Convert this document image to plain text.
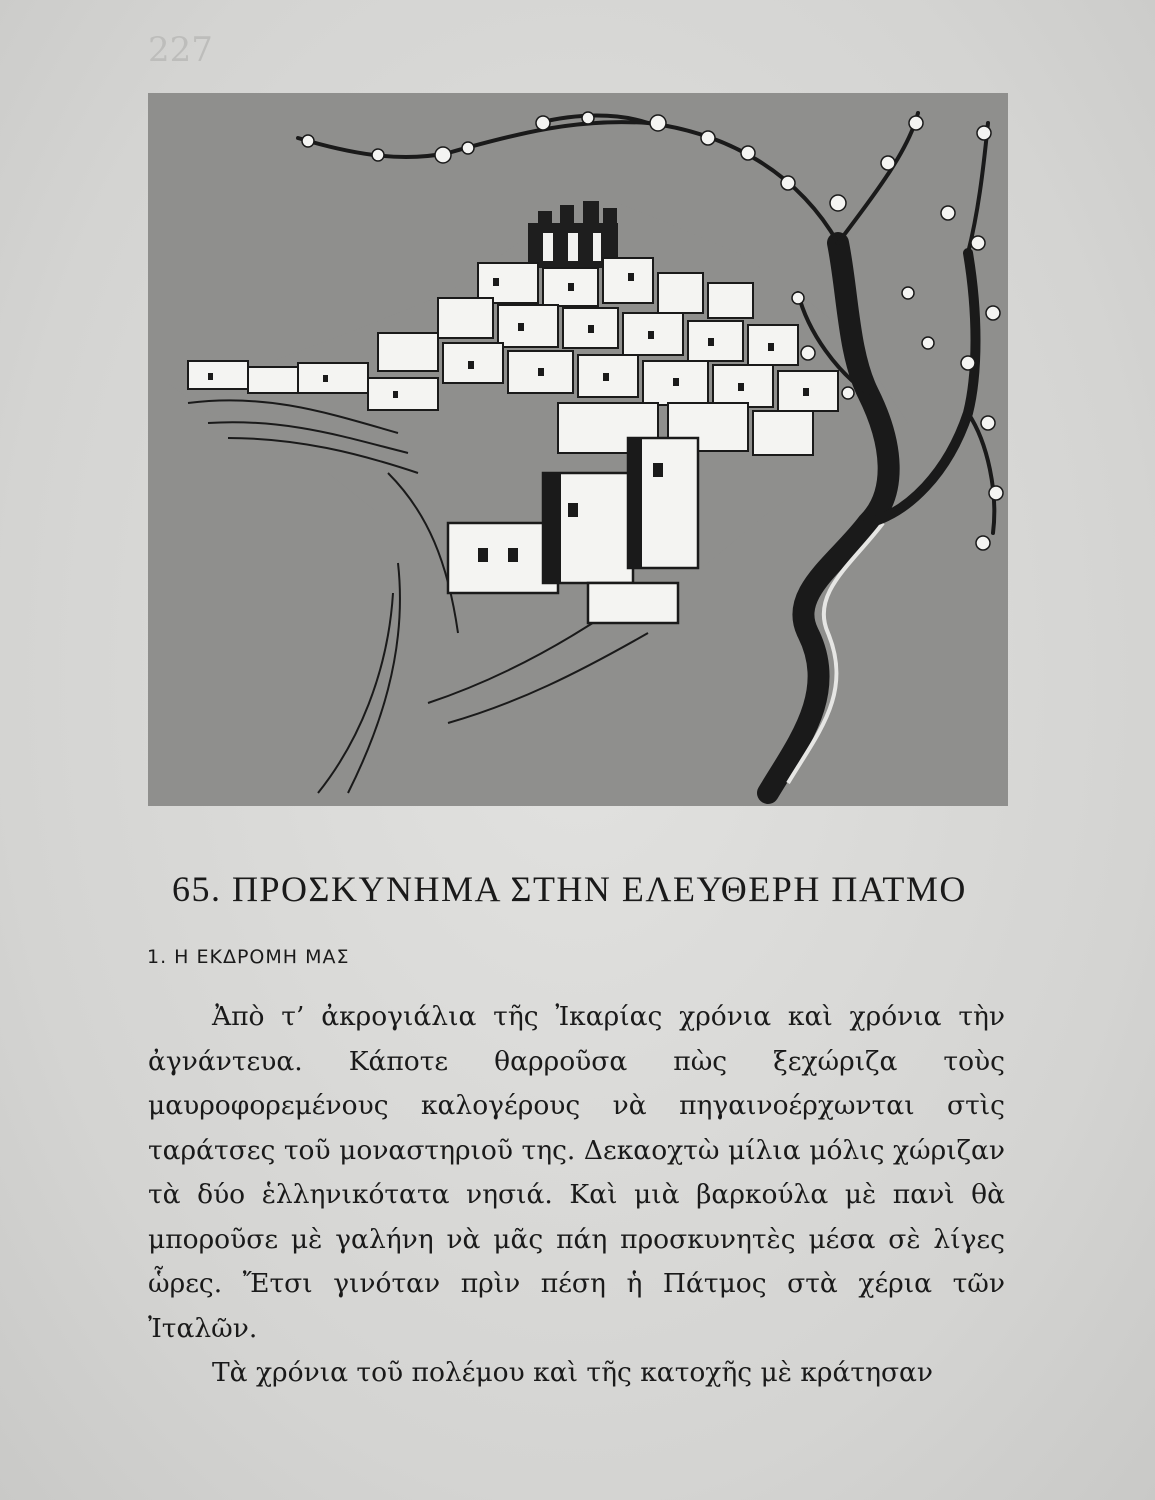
227
65. ΠΡΟΣΚΥΝΗΜΑ ΣΤΗΝ ΕΛΕΥΘΕΡΗ ΠΑΤΜΟ
1. Η ΕΚΔΡΟΜΗ ΜΑΣ

Ἀπὸ τ’ ἀκρογιάλια τῆς Ἰκαρίας χρόνια καὶ χρόνια τὴν ἀγνάντευα. Κάποτε θαρροῦσα πὼς ξεχώριζα τοὺς μαυροφορεμένους καλογέρους νὰ πηγαινοέρχωνται στὶς ταράτσες τοῦ μοναστηριοῦ της. Δεκαοχτὼ μίλια μόλις χώριζαν τὰ δύο ἑλληνικότατα νησιά. Καὶ μιὰ βαρκούλα μὲ πανὶ θὰ μποροῦσε μὲ γαλήνη νὰ μᾶς πάη προσκυνητὲς μέσα σὲ λίγες ὧρες. Ἔτσι γινόταν πρὶν πέση ἡ Πάτμος στὰ χέρια τῶν Ἰταλῶν.

Τὰ χρόνια τοῦ πολέμου καὶ τῆς κατοχῆς μὲ κράτησαν
